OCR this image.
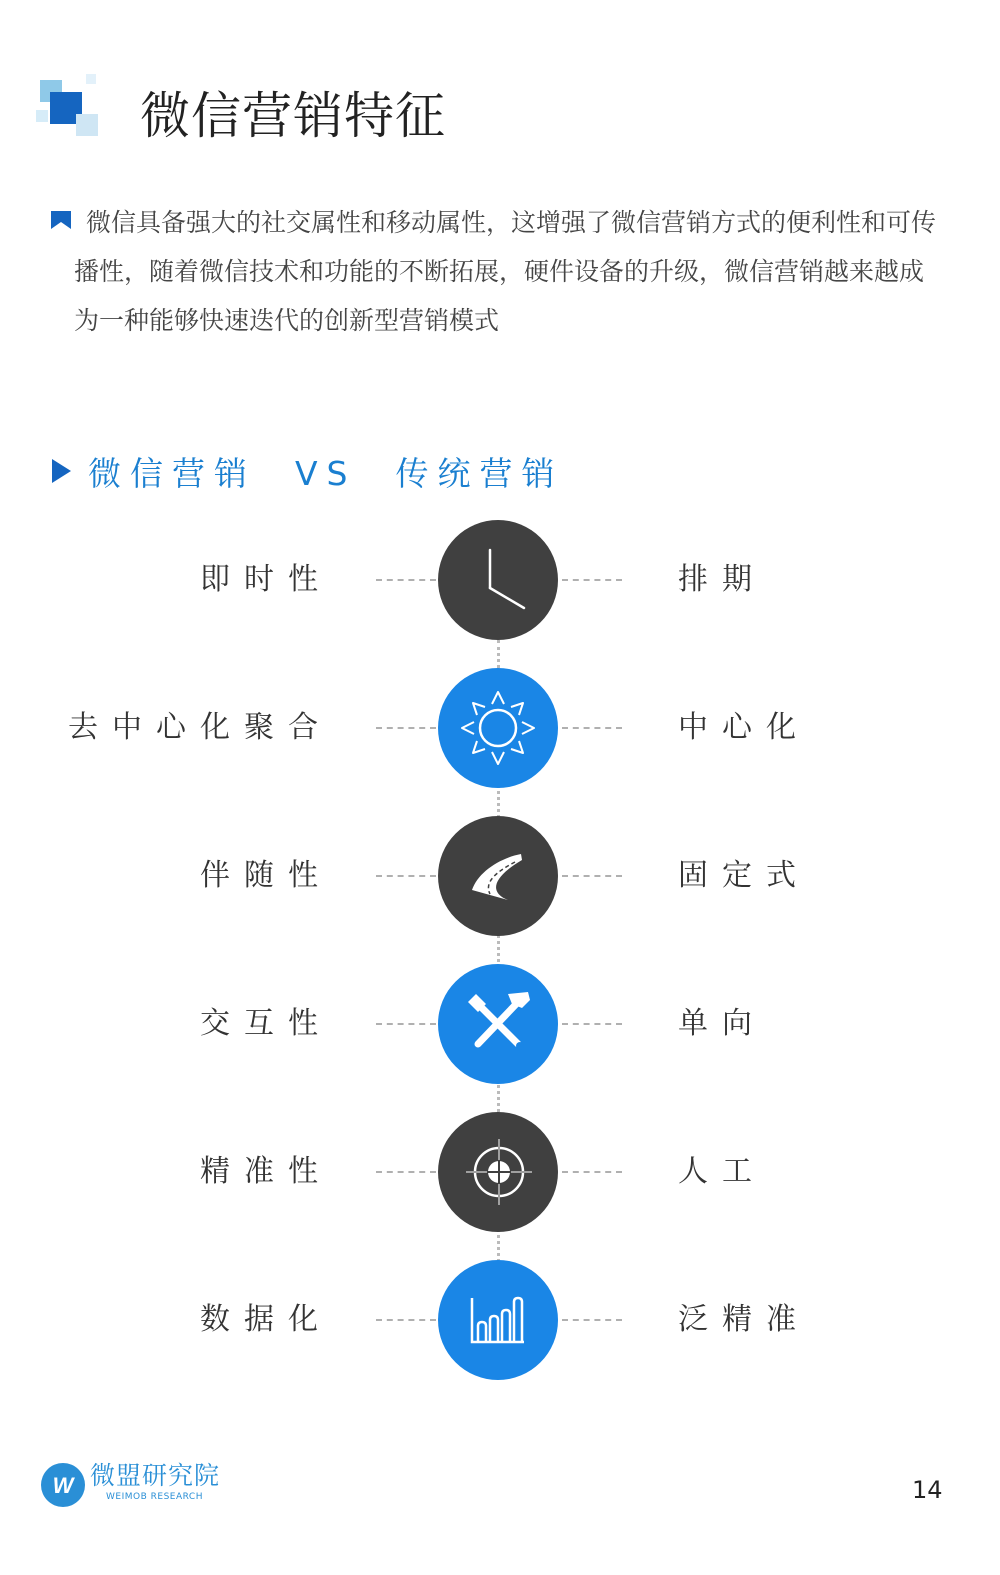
微信营销特征

微信具备强大的社交属性和移动属性，这增强了微信营销方式的便利性和可传播性，随着微信技术和功能的不断拓展，硬件设备的升级，微信营销越来越成为一种能够快速迭代的创新型营销模式

微信营销  VS  传统营销
即时性	排期
去中心化聚合	中心化
伴随性	固定式
交互性	单向
精准性	人工
数据化	泛精准
W 微盟研究院
WEIMOB RESEARCH	14
